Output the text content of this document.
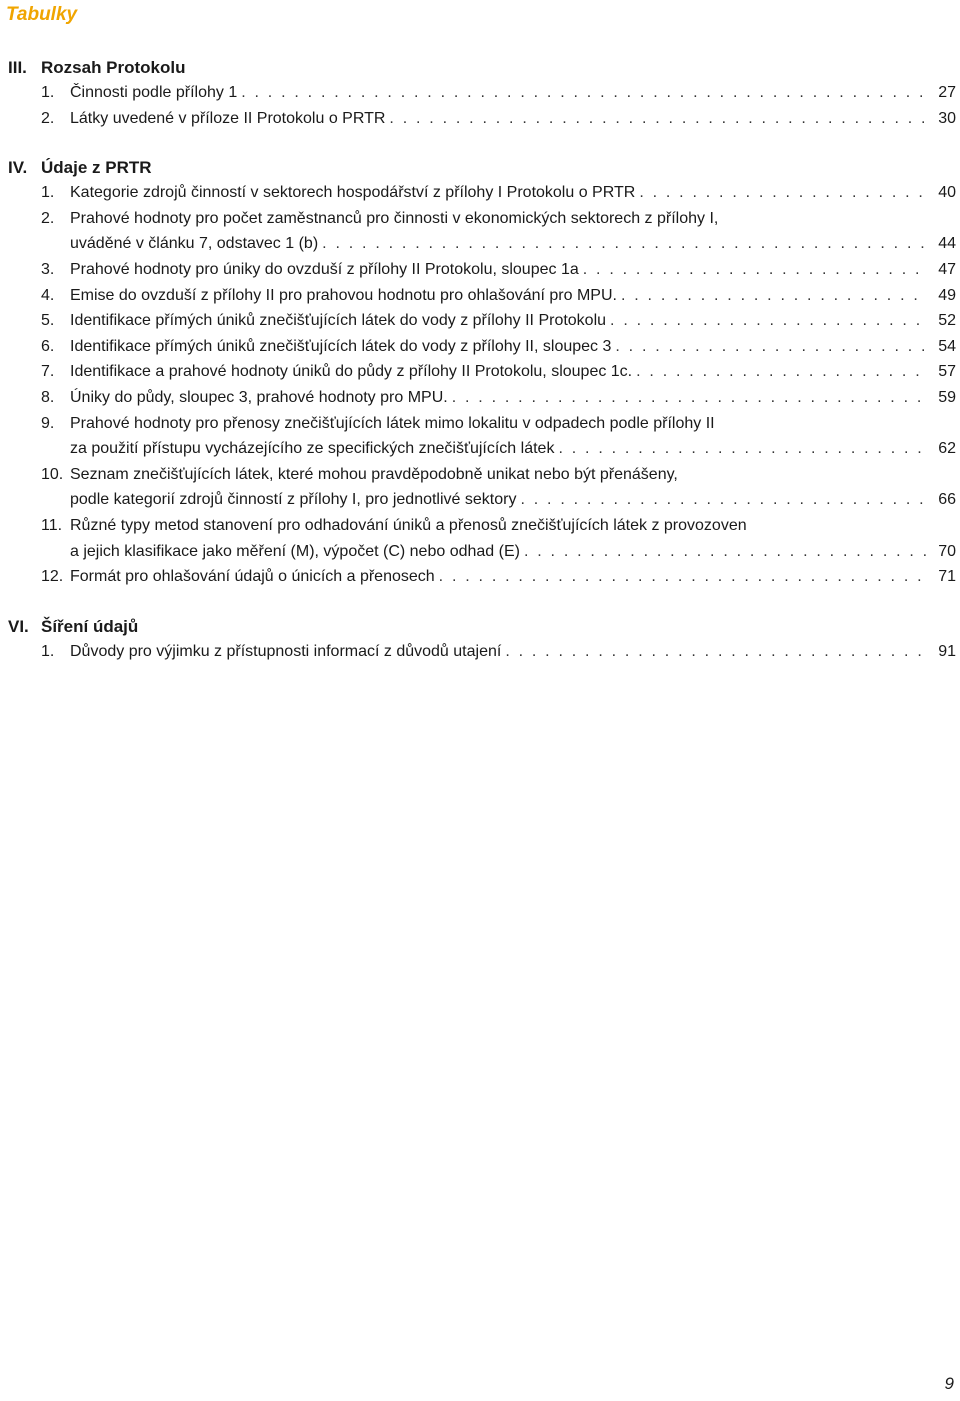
Tabulky
III. Rozsah Protokolu
1. Činnosti podle přílohy 1 . . .	27
2. Látky uvedené v příloze II Protokolu o PRTR . . .	30
IV. Údaje z PRTR
1. Kategorie zdrojů činností v sektorech hospodářství z přílohy I Protokolu o PRTR . . .	40
2. Prahové hodnoty pro počet zaměstnanců pro činnosti v ekonomických sektorech z přílohy I,
uváděné v článku 7, odstavec 1 (b) . . .	44
3. Prahové hodnoty pro úniky do ovzduší z přílohy II Protokolu, sloupec 1a . . .	47
4. Emise do ovzduší z přílohy II pro prahovou hodnotu pro ohlašování pro MPU. . . .	49
5. Identifikace přímých úniků znečišťujících látek do vody z přílohy II Protokolu . . .	52
6. Identifikace přímých úniků znečišťujících látek do vody z přílohy II, sloupec 3 . . .	54
7. Identifikace a prahové hodnoty úniků do půdy z přílohy II Protokolu, sloupec 1c. . . .	57
8. Úniky do půdy, sloupec 3, prahové hodnoty pro MPU. . . .	59
9. Prahové hodnoty pro přenosy znečišťujících látek mimo lokalitu v odpadech podle přílohy II
za použití přístupu vycházejícího ze specifických znečišťujících látek . . .	62
10. Seznam znečišťujících látek, které mohou pravděpodobně unikat nebo být přenášeny,
podle kategorií zdrojů činností z přílohy I, pro jednotlivé sektory . . .	66
11. Různé typy metod stanovení pro odhadování úniků a přenosů znečišťujících látek z provozoven
a jejich klasifikace jako měření (M), výpočet (C) nebo odhad (E) . . .	70
12. Formát pro ohlašování údajů o únicích a přenosech . . .	71
VI. Šíření údajů
1. Důvody pro výjimku z přístupnosti informací z důvodů utajení . . .	91

9
